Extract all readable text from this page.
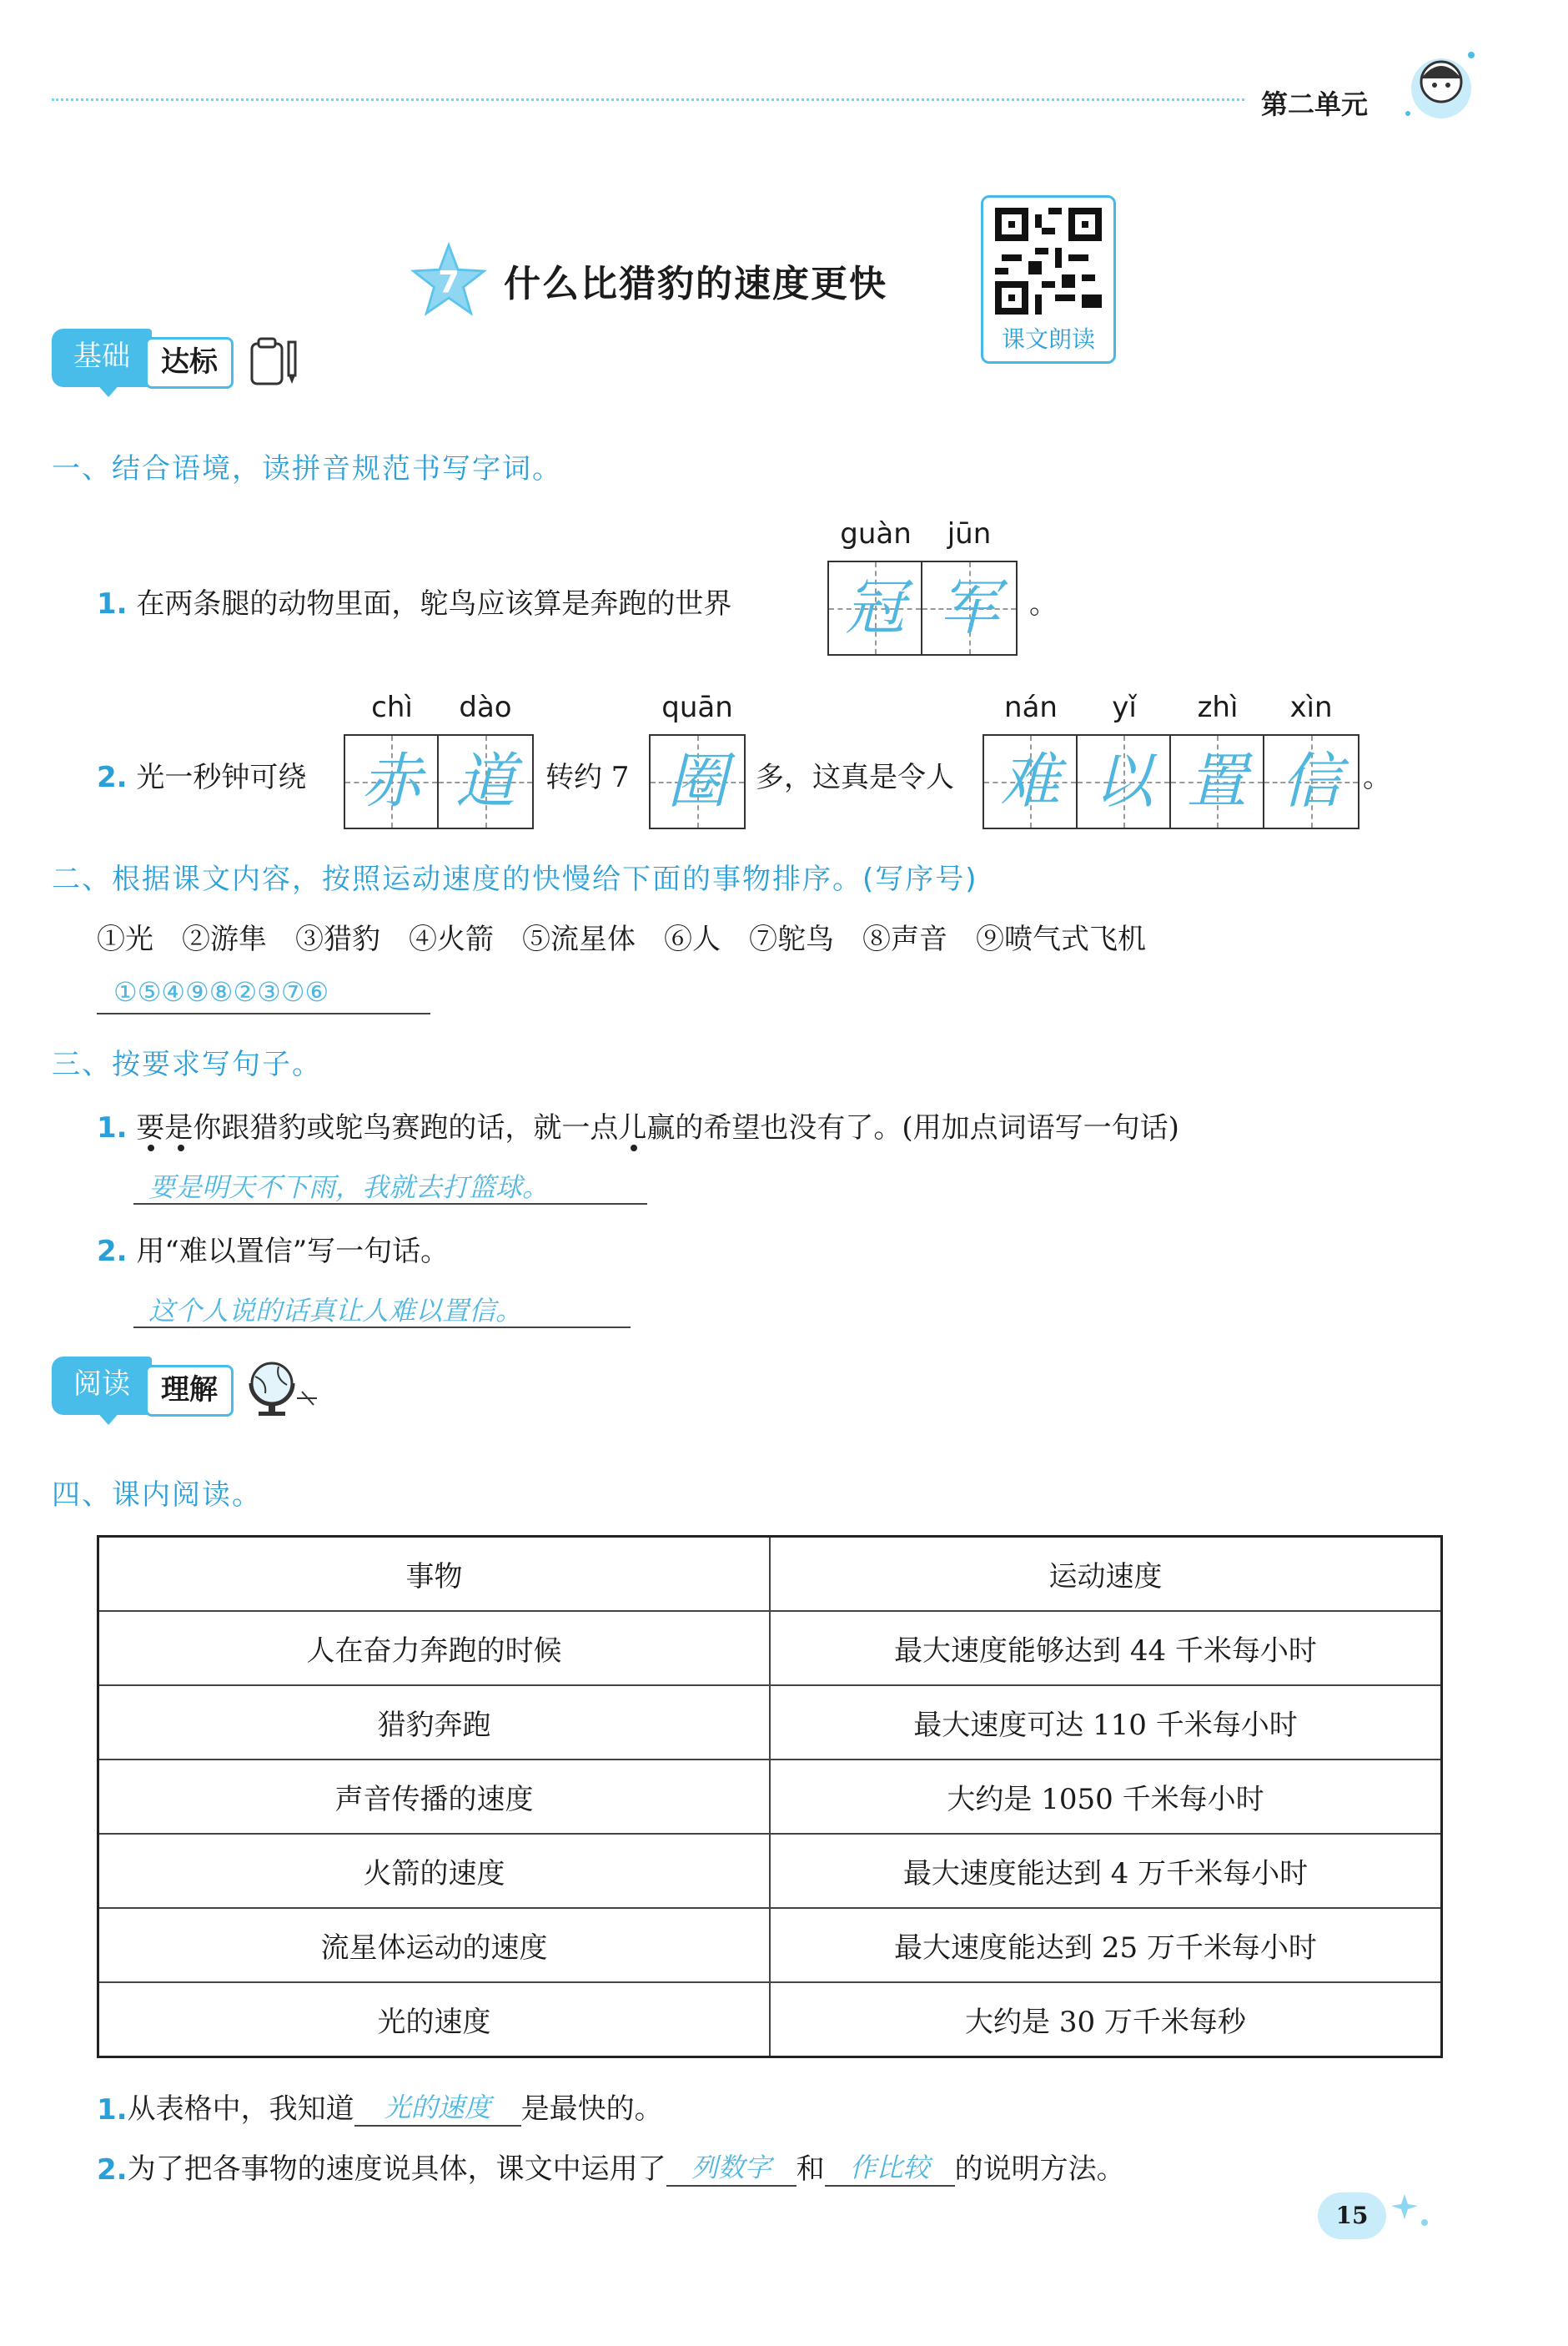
第二单元
7 什么比猎豹的速度更快
课文朗读
基础	达标
一、结合语境，读拼音规范书写字词。
1. 在两条腿的动物里面，鸵鸟应该算是奔跑的世界
guàn	jūn
冠 军	。
2. 光一秒钟可绕
chì	dào
赤 道	转约 7
quān
圈	多，这真是令人
nán	yǐ	zhì	xìn
难 以 置 信 。
二、根据课文内容，按照运动速度的快慢给下面的事物排序。(写序号)
①光　②游隼　③猎豹　④火箭　⑤流星体　⑥人　⑦鸵鸟　⑧声音　⑨喷气式飞机
①⑤④⑨⑧②③⑦⑥
三、按要求写句子。
1. 要是你跟猎豹或鸵鸟赛跑的话，就一点儿赢的希望也没有了。(用加点词语写一句话)
要是明天不下雨，我就去打篮球。
2. 用“难以置信”写一句话。
这个人说的话真让人难以置信。
阅读	理解
四、课内阅读。
事物	运动速度
人在奋力奔跑的时候	最大速度能够达到 44 千米每小时
猎豹奔跑	最大速度可达 110 千米每小时
声音传播的速度	大约是 1050 千米每小时
火箭的速度	最大速度能达到 4 万千米每小时
流星体运动的速度	最大速度能达到 25 万千米每小时
光的速度	大约是 30 万千米每秒
1. 从表格中，我知道	光的速度	是最快的。
2. 为了把各事物的速度说具体，课文中运用了 列数字 和 作比较 的说明方法。
15
